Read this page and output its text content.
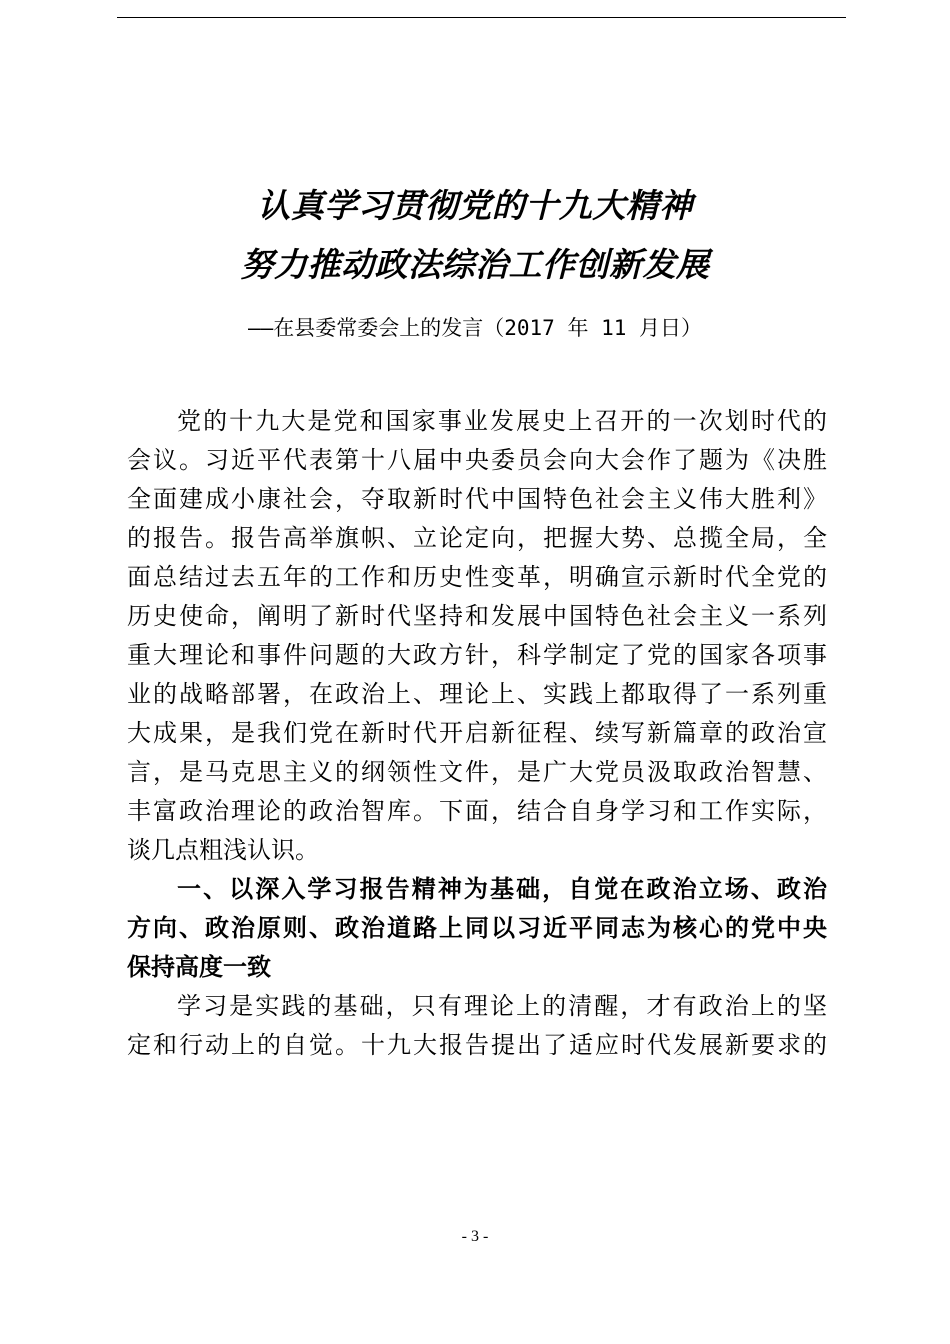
认真学习贯彻党的十九大精神
努力推动政法综治工作创新发展
——在县委常委会上的发言（2017 年 11 月日）
党的十九大是党和国家事业发展史上召开的一次划时代的
会议。习近平代表第十八届中央委员会向大会作了题为《决胜
全面建成小康社会，夺取新时代中国特色社会主义伟大胜利》
的报告。报告高举旗帜、立论定向，把握大势、总揽全局，全
面总结过去五年的工作和历史性变革，明确宣示新时代全党的
历史使命，阐明了新时代坚持和发展中国特色社会主义一系列
重大理论和事件问题的大政方针，科学制定了党的国家各项事
业的战略部署，在政治上、理论上、实践上都取得了一系列重
大成果，是我们党在新时代开启新征程、续写新篇章的政治宣
言，是马克思主义的纲领性文件，是广大党员汲取政治智慧、
丰富政治理论的政治智库。下面，结合自身学习和工作实际，
谈几点粗浅认识。
一、以深入学习报告精神为基础，自觉在政治立场、政治
方向、政治原则、政治道路上同以习近平同志为核心的党中央
保持高度一致
学习是实践的基础，只有理论上的清醒，才有政治上的坚
定和行动上的自觉。十九大报告提出了适应时代发展新要求的
- 3 -
